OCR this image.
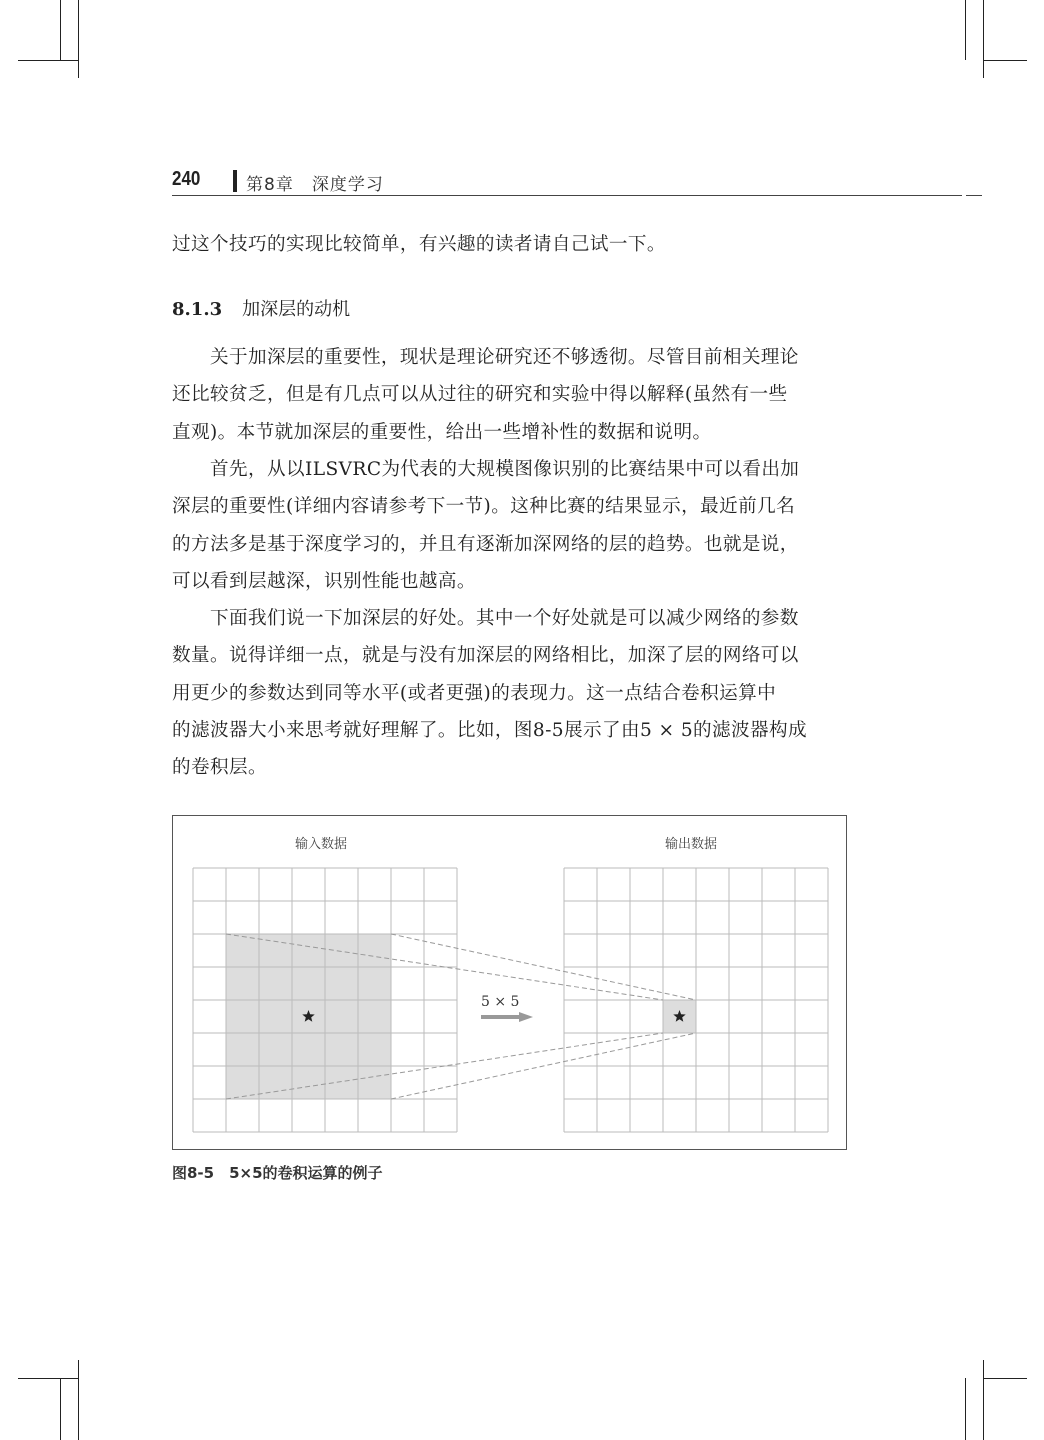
240	第8章　深度学习
过这个技巧的实现比较简单，有兴趣的读者请自己试一下。
8.1.3 加深层的动机
　　关于加深层的重要性，现状是理论研究还不够透彻。尽管目前相关理论
还比较贫乏，但是有几点可以从过往的研究和实验中得以解释(虽然有一些
直观)。本节就加深层的重要性，给出一些增补性的数据和说明。
　　首先，从以ILSVRC为代表的大规模图像识别的比赛结果中可以看出加
深层的重要性(详细内容请参考下一节)。这种比赛的结果显示，最近前几名
的方法多是基于深度学习的，并且有逐渐加深网络的层的趋势。也就是说，
可以看到层越深，识别性能也越高。
　　下面我们说一下加深层的好处。其中一个好处就是可以减少网络的参数
数量。说得详细一点，就是与没有加深层的网络相比，加深了层的网络可以
用更少的参数达到同等水平(或者更强)的表现力。这一点结合卷积运算中
的滤波器大小来思考就好理解了。比如，图8-5展示了由5 × 5的滤波器构成
的卷积层。
输入数据	输出数据
5 × 5
图8-5　5×5的卷积运算的例子
